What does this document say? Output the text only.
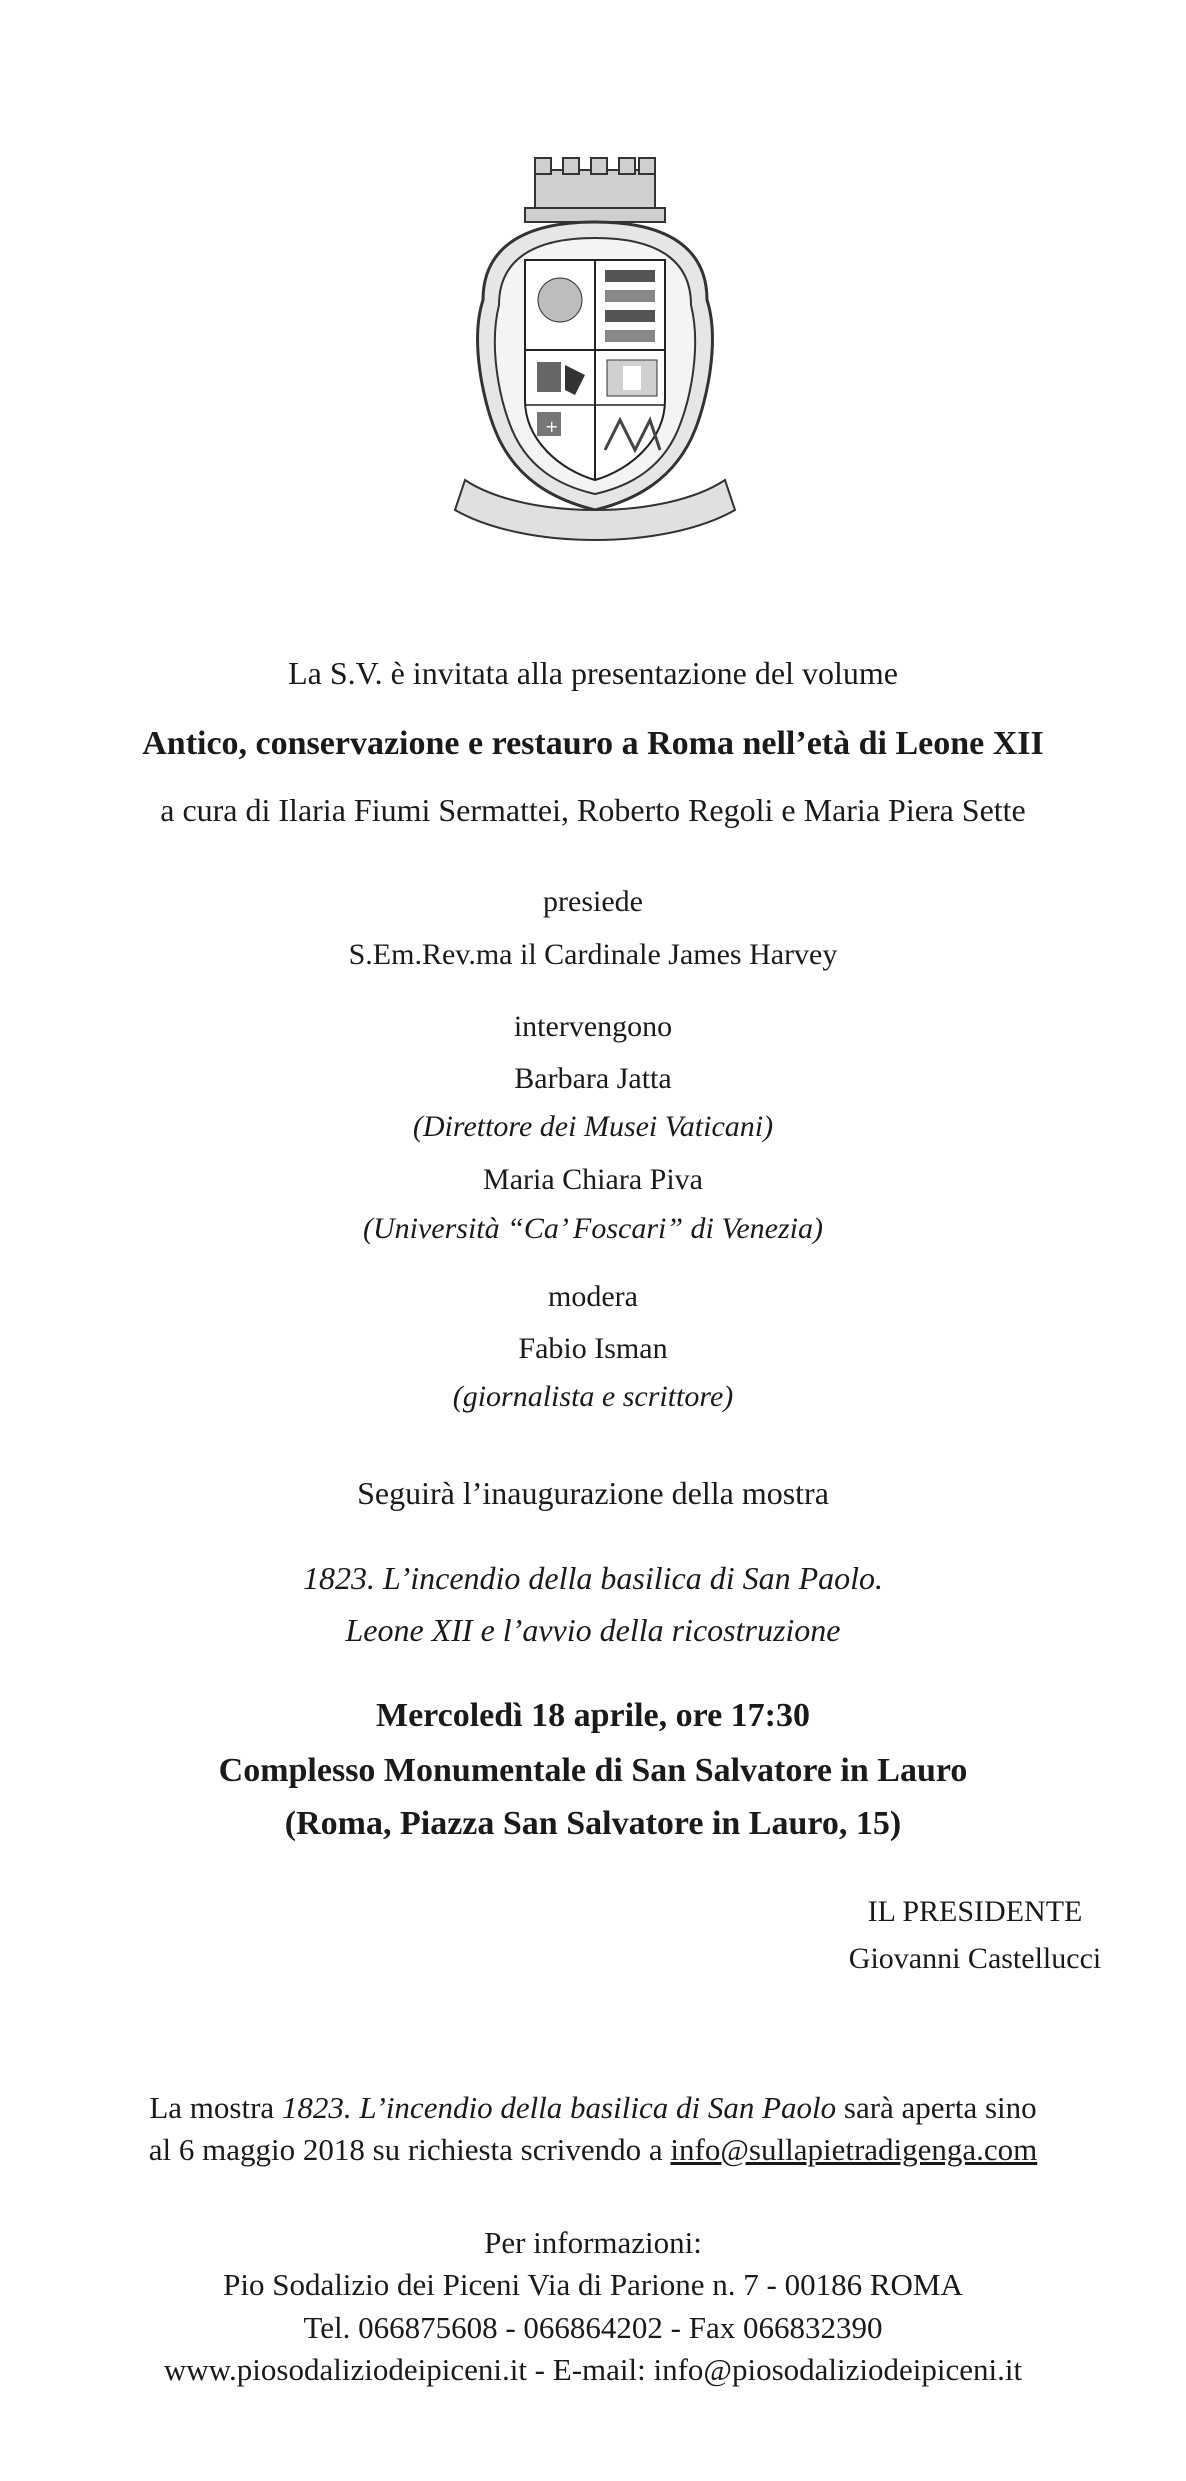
+
La S.V. è invitata alla presentazione del volume
Antico, conservazione e restauro a Roma nell’età di Leone XII
a cura di Ilaria Fiumi Sermattei, Roberto Regoli e Maria Piera Sette
presiede
S.Em.Rev.ma il Cardinale James Harvey
intervengono
Barbara Jatta
(Direttore dei Musei Vaticani)
Maria Chiara Piva
(Università “Ca’ Foscari” di Venezia)
modera
Fabio Isman
(giornalista e scrittore)
Seguirà l’inaugurazione della mostra
1823. L’incendio della basilica di San Paolo.
Leone XII e l’avvio della ricostruzione
Mercoledì 18 aprile, ore 17:30
Complesso Monumentale di San Salvatore in Lauro
(Roma, Piazza San Salvatore in Lauro, 15)
IL PRESIDENTE
Giovanni Castellucci
La mostra 1823. L’incendio della basilica di San Paolo sarà aperta sino
al 6 maggio 2018 su richiesta scrivendo a info@sullapietradigenga.com
Per informazioni:
Pio Sodalizio dei Piceni Via di Parione n. 7 - 00186 ROMA
Tel. 066875608 - 066864202 - Fax 066832390
www.piosodaliziodeipiceni.it - E-mail: info@piosodaliziodeipiceni.it
